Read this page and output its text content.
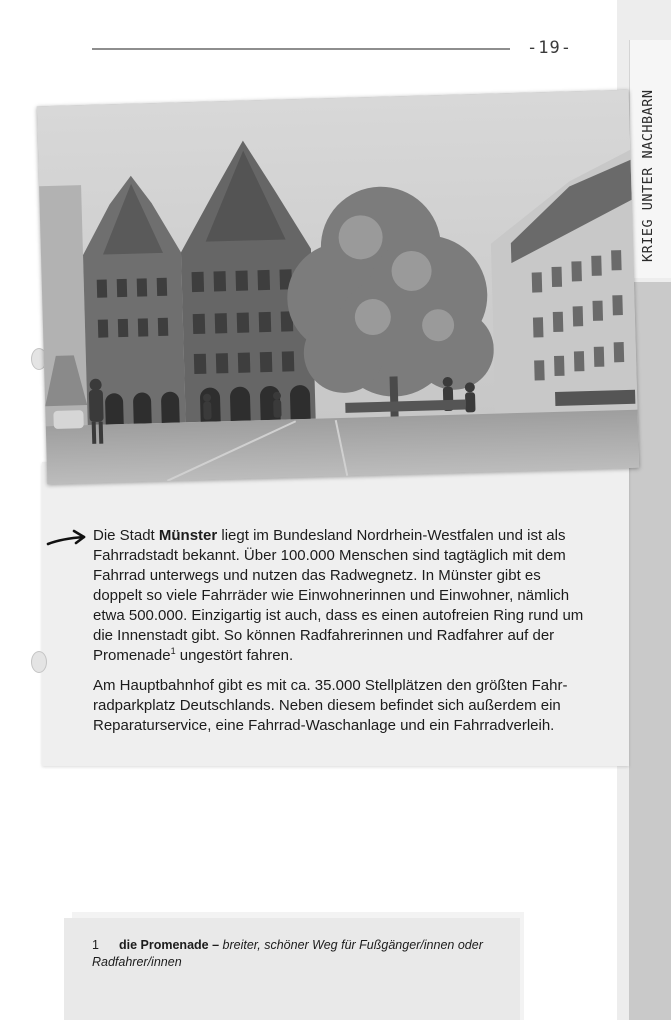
KRIEG UNTER NACHBARN
-19-

Die Stadt Münster liegt im Bundesland Nordrhein-Westfalen und ist als Fahrradstadt bekannt. Über 100.000 Menschen sind tagtäglich mit dem Fahrrad unterwegs und nutzen das Radwegnetz. In Münster gibt es doppelt so viele Fahrräder wie Einwohnerinnen und Einwohner, nämlich etwa 500.000. Einzigartig ist auch, dass es einen autofreien Ring rund um die Innenstadt gibt. So können Radfahrerinnen und Radfahrer auf der Promenade$^1$ ungestört fahren.

Am Hauptbahnhof gibt es mit ca. 35.000 Stellplätzen den größten Fahr-radparkplatz Deutschlands. Neben diesem befindet sich außerdem ein Reparaturservice, eine Fahrrad-Waschanlage und ein Fahrradverleih.

1 die Promenade – breiter, schöner Weg für Fußgänger/innen oder Radfahrer/innen
